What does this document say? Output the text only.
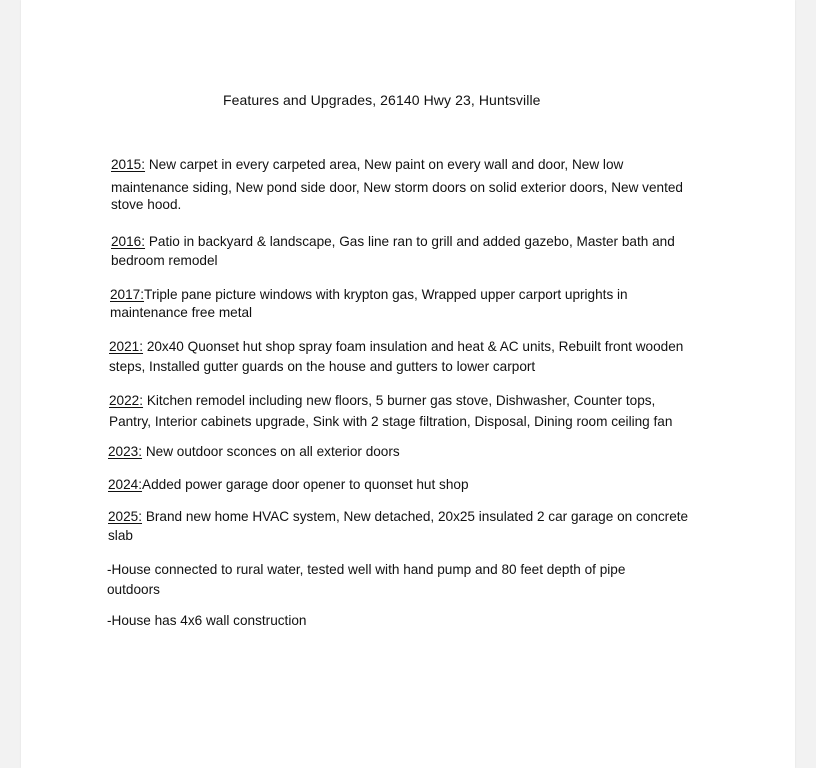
Features and Upgrades, 26140 Hwy 23, Huntsville
2015: New carpet in every carpeted area, New paint on every wall and door, New low
maintenance siding, New pond side door, New storm doors on solid exterior doors, New vented
stove hood.
2016: Patio in backyard & landscape, Gas line ran to grill and added gazebo, Master bath and
bedroom remodel
2017:Triple pane picture windows with krypton gas, Wrapped upper carport uprights in
maintenance free metal
2021: 20x40 Quonset hut shop spray foam insulation and heat & AC units, Rebuilt front wooden
steps, Installed gutter guards on the house and gutters to lower carport
2022: Kitchen remodel including new floors, 5 burner gas stove, Dishwasher, Counter tops,
Pantry, Interior cabinets upgrade, Sink with 2 stage filtration, Disposal, Dining room ceiling fan
2023: New outdoor sconces on all exterior doors
2024:Added power garage door opener to quonset hut shop
2025: Brand new home HVAC system, New detached, 20x25 insulated 2 car garage on concrete
slab
-House connected to rural water, tested well with hand pump and 80 feet depth of pipe
outdoors
-House has 4x6 wall construction
